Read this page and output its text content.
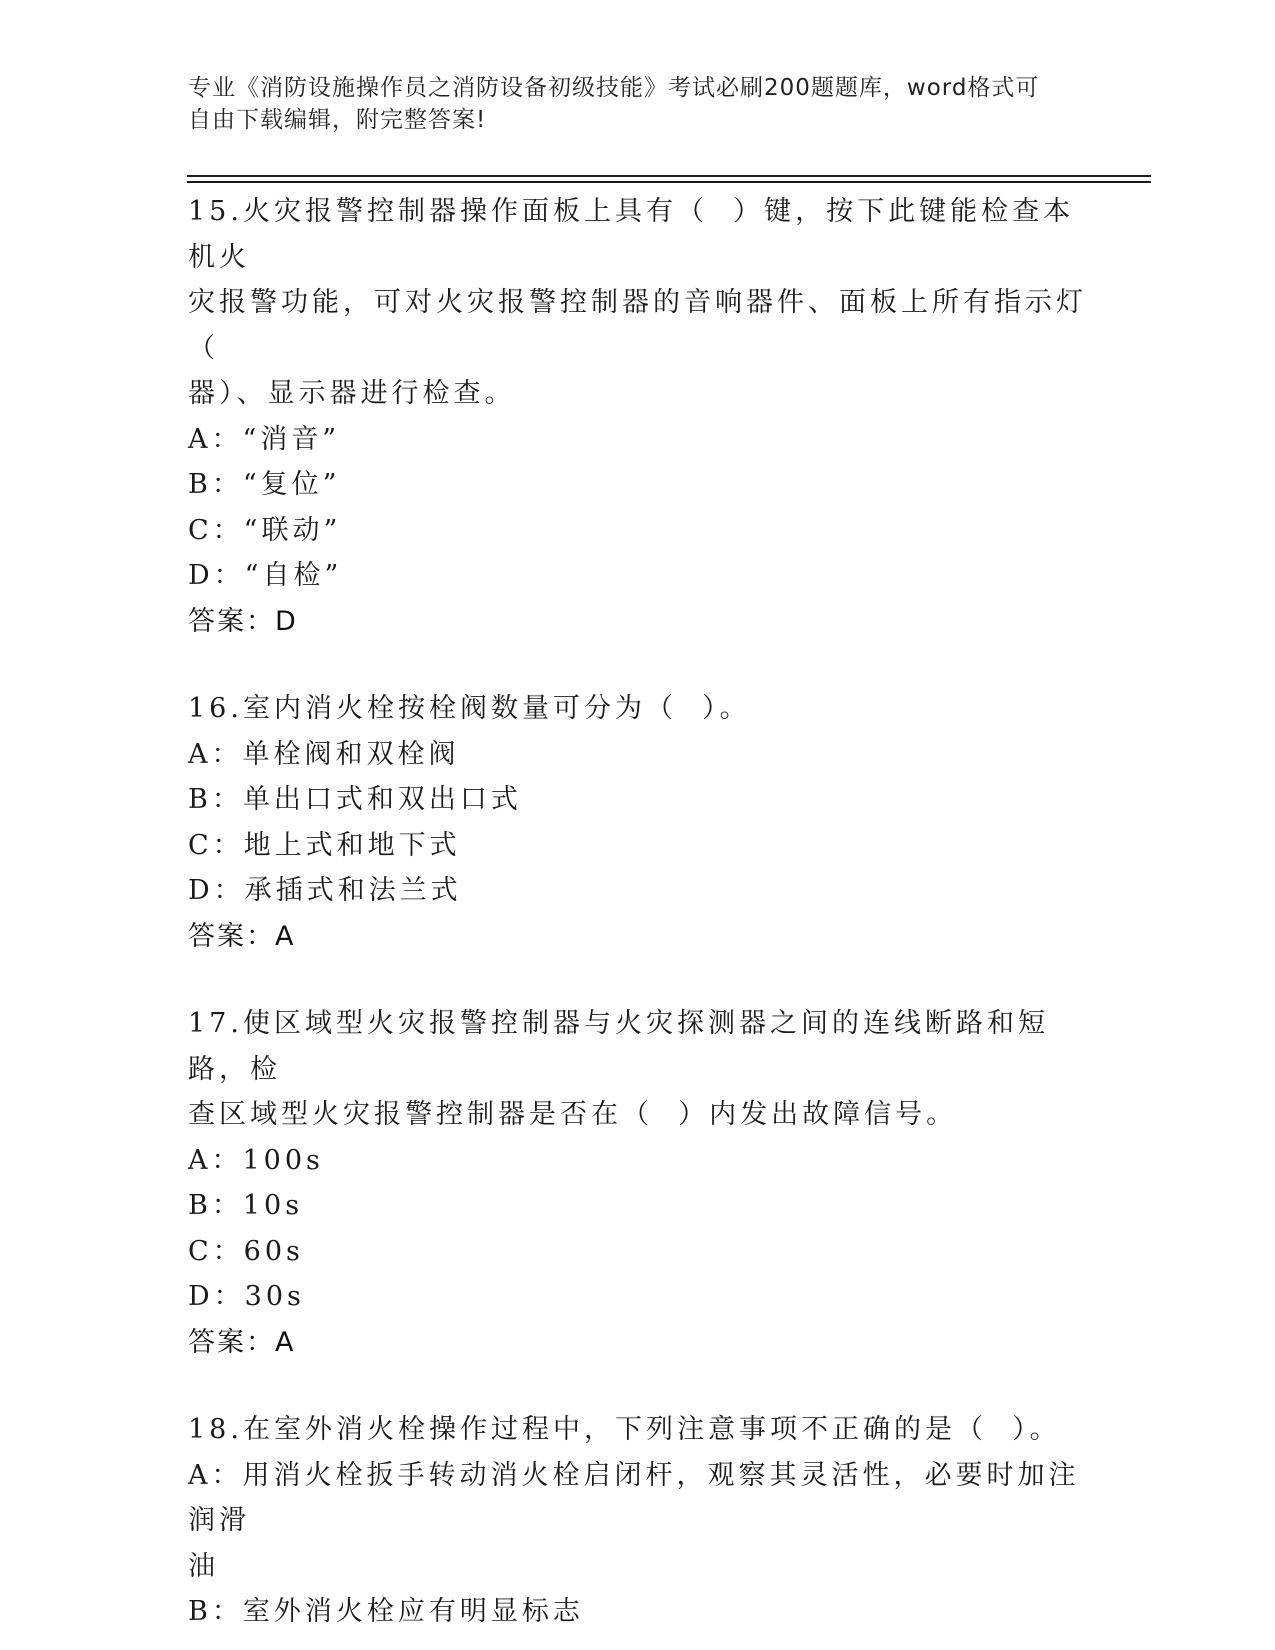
专业《消防设施操作员之消防设备初级技能》考试必刷200题题库，word格式可
自由下载编辑，附完整答案!
15.火灾报警控制器操作面板上具有（  ）键，按下此键能检查本机火
灾报警功能，可对火灾报警控制器的音响器件、面板上所有指示灯（
器）、显示器进行检查。
A：“消音”
B：“复位”
C：“联动”
D：“自检”
答案：D
16.室内消火栓按栓阀数量可分为（  ）。
A：单栓阀和双栓阀
B：单出口式和双出口式
C：地上式和地下式
D：承插式和法兰式
答案：A
17.使区域型火灾报警控制器与火灾探测器之间的连线断路和短路，检
查区域型火灾报警控制器是否在（  ）内发出故障信号。
A：100s
B：10s
C：60s
D：30s
答案：A
18.在室外消火栓操作过程中，下列注意事项不正确的是（  ）。
A：用消火栓扳手转动消火栓启闭杆，观察其灵活性，必要时加注润滑
油
B：室外消火栓应有明显标志
